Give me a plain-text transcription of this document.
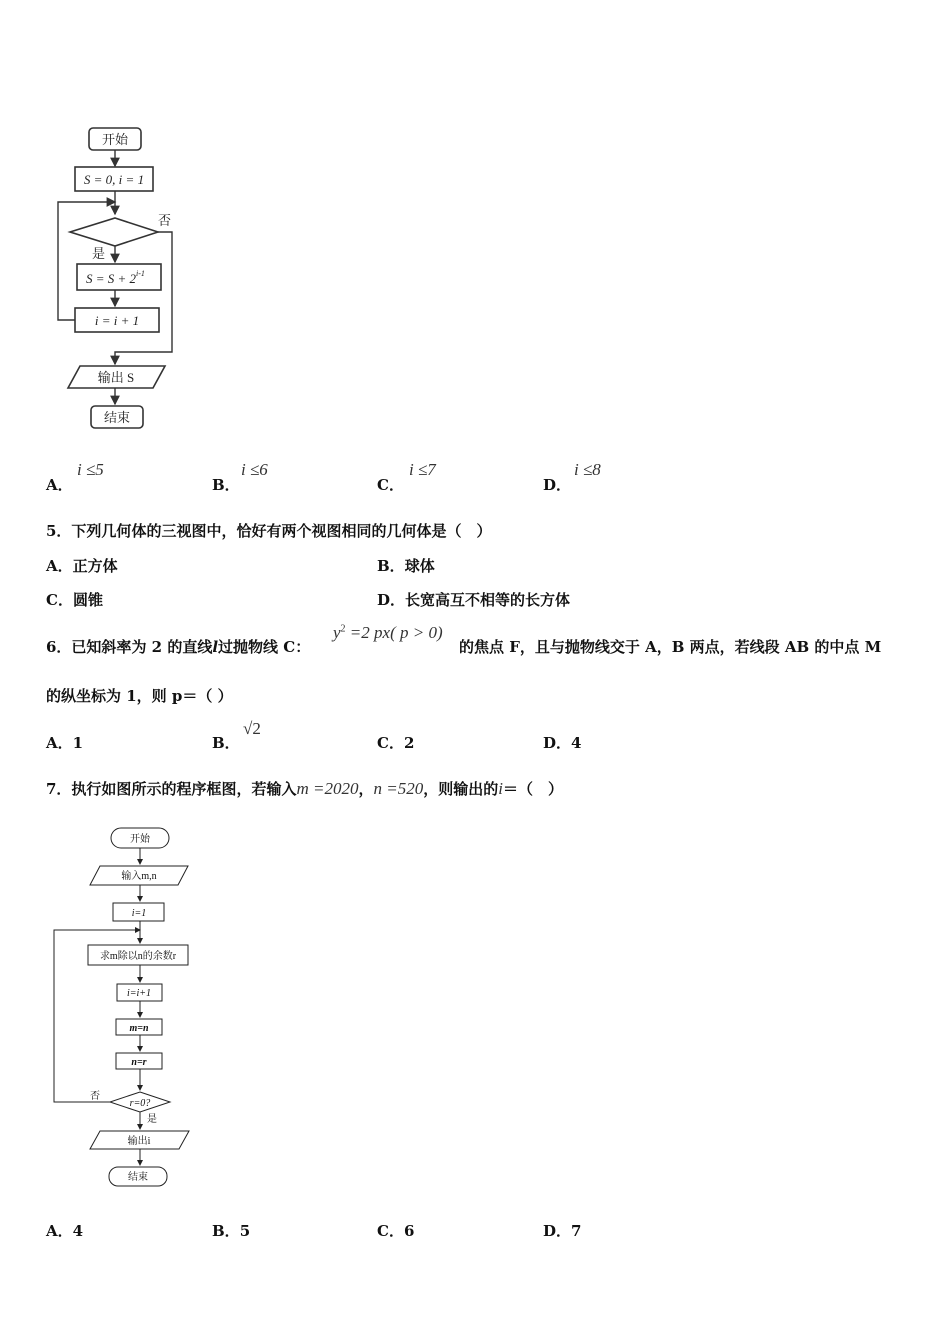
开始
S = 0, i = 1
否
是
$S = S + 2^{i-1}$
i = i + 1
输出 S
结束
A．
i ≤5
B．
i ≤6
C．
i ≤7
D．
i ≤8
5．下列几何体的三视图中，恰好有两个视图相同的几何体是（　）
A．正方体	B．球体
C．圆锥	D．长宽高互不相等的长方体
6．已知斜率为 2 的直线l过抛物线 C：
$y^2 =2$ px( p > 0)
的焦点 F，且与抛物线交于 A，B 两点，若线段 AB 的中点 M
的纵坐标为 1，则 p＝（ ）
A．1	B．
√2
C．2	D．4
7．执行如图所示的程序框图，若输入m =2020，n =520，则输出的i＝（　）
开始
输入m,n
i=1
求m除以n的余数r
i=i+1
m=n
n=r
r=0?
否
是
输出i
结束
A．4	B．5	C．6	D．7
